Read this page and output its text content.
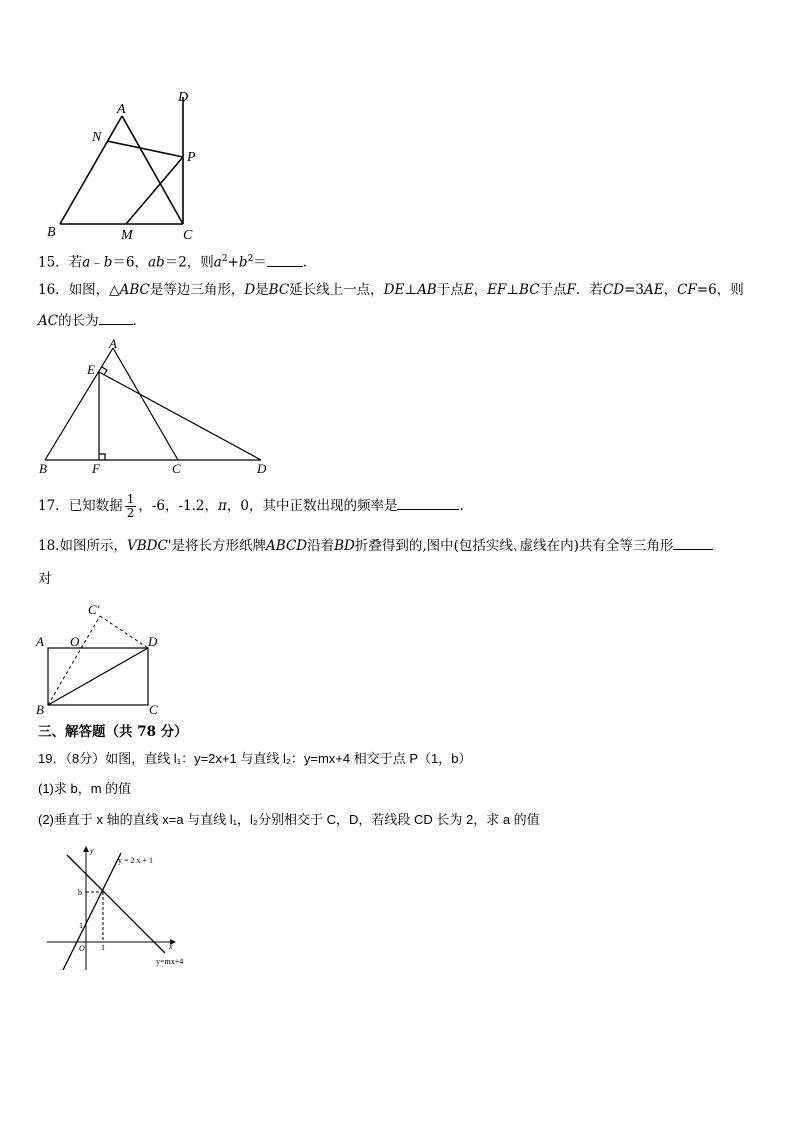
A
D
N
P
B	M	C
15．若a﹣b＝6，ab＝2，则$a^2+b^2=$	.
16．如图，△ABC是等边三角形，D是BC延长线上一点，DE⊥AB于点E，EF⊥BC于点F．若CD=3AE，CF=6，则
AC的长为	．
A
E
B	F	C	D
17．已知数据 $\frac{1}{2}$ ，-6，-1.2，π，0，其中正数出现的频率是	.
18.如图所示，VBDC'是将长方形纸牌ABCD沿着BD折叠得到的,图中(包括实线､虚线在内)共有全等三角形
对
A O
C′
D
B	C
三、解答题（共 78 分）
19．（8分）如图，直线 l₁：y=2x+1 与直线 l₂：y=mx+4 相交于点 P（1，b）
(1)求 b，m 的值
(2)垂直于 x 轴的直线 x=a 与直线 l₁，l₂分别相交于 C，D，若线段 CD 长为 2，求 a 的值
y
x
O
b
1
1
y = 2 x + 1
y=mx+4
